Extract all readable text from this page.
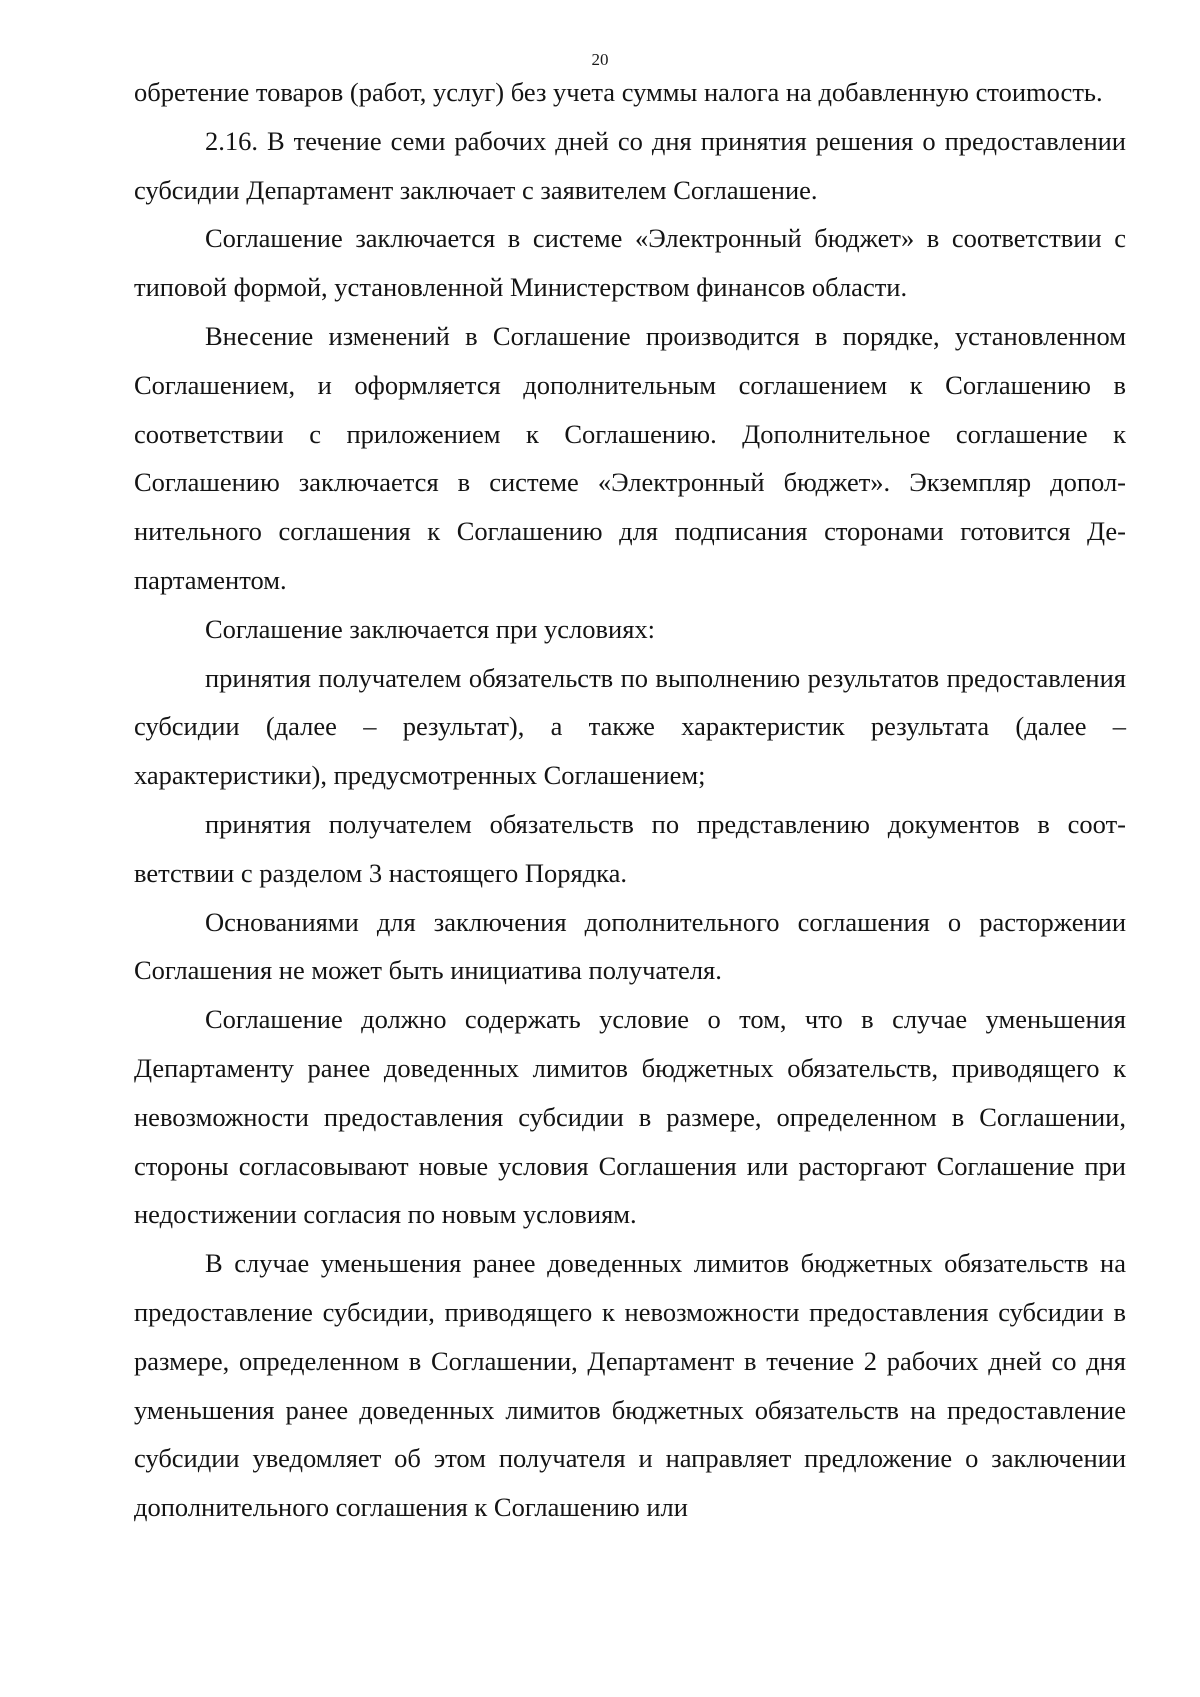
20

обретение товаров (работ, услуг) без учета суммы налога на добавленную стоиmость.

2.16. В течение семи рабочих дней со дня принятия решения о предоставлении субсидии Департамент заключает с заявителем Соглашение.

Соглашение заключается в системе «Электронный бюджет» в соответствии с типовой формой, установленной Министерством финансов области.

Внесение изменений в Соглашение производится в порядке, установленном Соглашением, и оформляется дополнительным соглашением к Соглашению в соответствии с приложением к Соглашению. Дополнительное соглашение к Соглашению заключается в системе «Электронный бюджет». Экземпляр дополнительного соглашения к Соглашению для подписания сторонами готовится Департаментом.

Соглашение заключается при условиях:

принятия получателем обязательств по выполнению результатов предоставления субсидии (далее – результат), а также характеристик результата (далее – характеристики), предусмотренных Соглашением;

принятия получателем обязательств по представлению документов в соответствии с разделом 3 настоящего Порядка.

Основаниями для заключения дополнительного соглашения о расторжении Соглашения не может быть инициатива получателя.

Соглашение должно содержать условие о том, что в случае уменьшения Департаменту ранее доведенных лимитов бюджетных обязательств, приводящего к невозможности предоставления субсидии в размере, определенном в Соглашении, стороны согласовывают новые условия Соглашения или расторгают Соглашение при недостижении согласия по новым условиям.

В случае уменьшения ранее доведенных лимитов бюджетных обязательств на предоставление субсидии, приводящего к невозможности предоставления субсидии в размере, определенном в Соглашении, Департамент в течение 2 рабочих дней со дня уменьшения ранее доведенных лимитов бюджетных обязательств на предоставление субсидии уведомляет об этом получателя и направляет предложение о заключении дополнительного соглашения к Соглашению или
